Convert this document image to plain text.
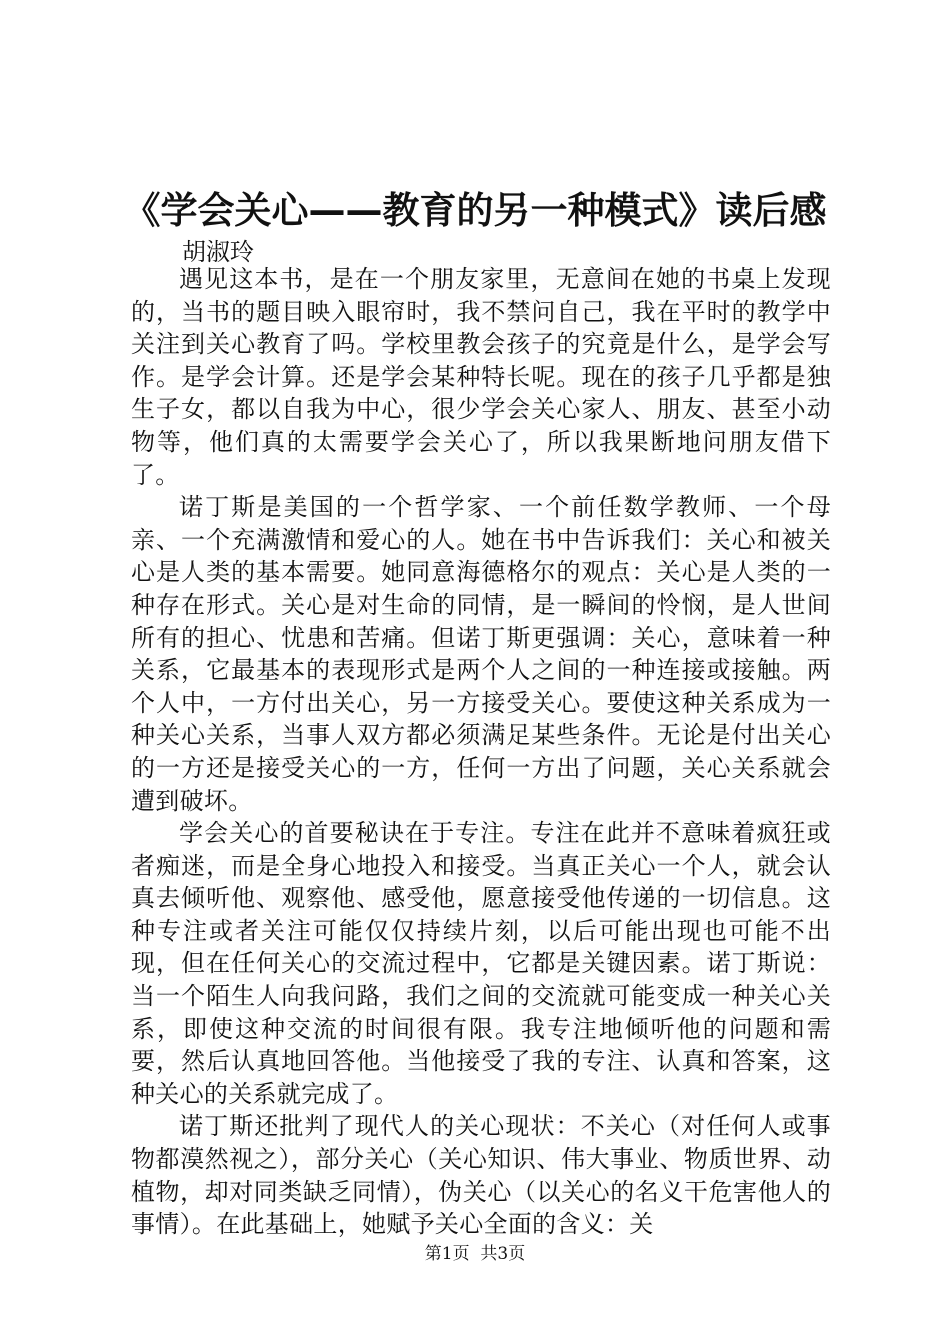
《学会关心——教育的另一种模式》读后感

胡淑玲

遇见这本书，是在一个朋友家里，无意间在她的书桌上发现的，当书的题目映入眼帘时，我不禁问自己，我在平时的教学中关注到关心教育了吗。学校里教会孩子的究竟是什么，是学会写作。是学会计算。还是学会某种特长呢。现在的孩子几乎都是独生子女，都以自我为中心，很少学会关心家人、朋友、甚至小动物等，他们真的太需要学会关心了，所以我果断地问朋友借下了。

诺丁斯是美国的一个哲学家、一个前任数学教师、一个母亲、一个充满激情和爱心的人。她在书中告诉我们：关心和被关心是人类的基本需要。她同意海德格尔的观点：关心是人类的一种存在形式。关心是对生命的同情，是一瞬间的怜悯，是人世间所有的担心、忧患和苦痛。但诺丁斯更强调：关心，意味着一种关系，它最基本的表现形式是两个人之间的一种连接或接触。两个人中，一方付出关心，另一方接受关心。要使这种关系成为一种关心关系，当事人双方都必须满足某些条件。无论是付出关心的一方还是接受关心的一方，任何一方出了问题，关心关系就会遭到破坏。

学会关心的首要秘诀在于专注。专注在此并不意味着疯狂或者痴迷，而是全身心地投入和接受。当真正关心一个人，就会认真去倾听他、观察他、感受他，愿意接受他传递的一切信息。这种专注或者关注可能仅仅持续片刻，以后可能出现也可能不出现，但在任何关心的交流过程中，它都是关键因素。诺丁斯说：当一个陌生人向我问路，我们之间的交流就可能变成一种关心关系，即使这种交流的时间很有限。我专注地倾听他的问题和需要，然后认真地回答他。当他接受了我的专注、认真和答案，这种关心的关系就完成了。

诺丁斯还批判了现代人的关心现状：不关心（对任何人或事物都漠然视之），部分关心（关心知识、伟大事业、物质世界、动植物，却对同类缺乏同情），伪关心（以关心的名义干危害他人的事情）。在此基础上，她赋予关心全面的含义：关

第1页  共3页
